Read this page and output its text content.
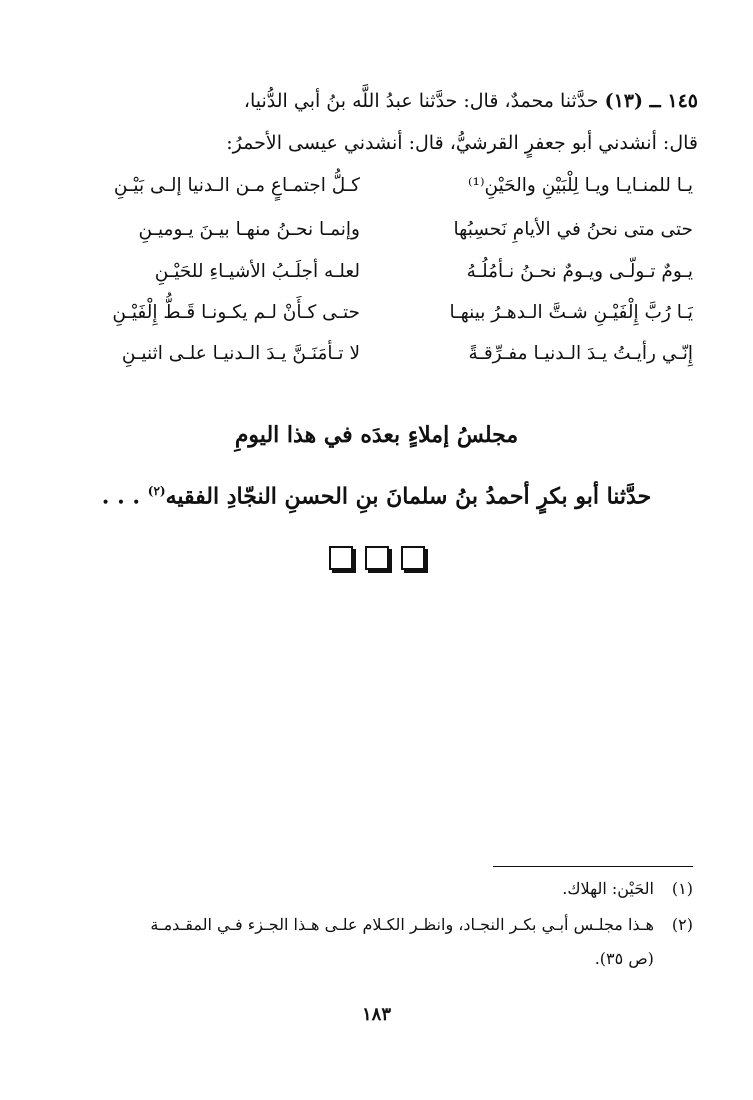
١٤٥ ــ (١٣) حدَّثنا محمدٌ، قال: حدَّثنا عبدُ اللَّه بنُ أبي الدُّنيا،
قال: أنشدني أبو جعفرٍ القرشيُّ، قال: أنشدني عيسى الأحمرُ:
يـا للمنـايـا ويـا لِلْبَيْنِ والحَيْنِ⁽¹⁾
كـلُّ اجتمـاعٍ مـن الـدنيا إلـى بَيْـنِ
حتى متى نحنُ في الأيامِ نَحسِبُها
وإنمـا نحـنُ منهـا بيـنَ يـوميـنِ
يـومٌ تـولّـى ويـومٌ نحـنُ نـأمُلُـهُ
لعلـه أجلَـبُ الأشيـاءِ للحَيْـنِ
يَـا رُبَّ إِلْفَيْـنِ شـتَّ الـدهـرُ بينهـا
حتـى كـأَنْ لـم يكـونـا قَـطُّ إِلْفَيْـنِ
إِنّـي رأيـتُ يـدَ الـدنيـا مفـرِّقـةً
لا تـأمَنَـنَّ يـدَ الـدنيـا علـى اثنيـنِ
مجلسُ إملاءٍ بعدَه في هذا اليومِ
حدَّثنا أبو بكرٍ أحمدُ بنُ سلمانَ بنِ الحسنِ النجّادِ الفقيه$^{(٢)}$ . . .
(١) الحَيْن: الهلاك.
(٢) هـذا مجلـس أبـي بكـر النجـاد، وانظـر الكـلام علـى هـذا الجـزء فـي المقـدمـة
(ص ٣٥).
١٨٣
